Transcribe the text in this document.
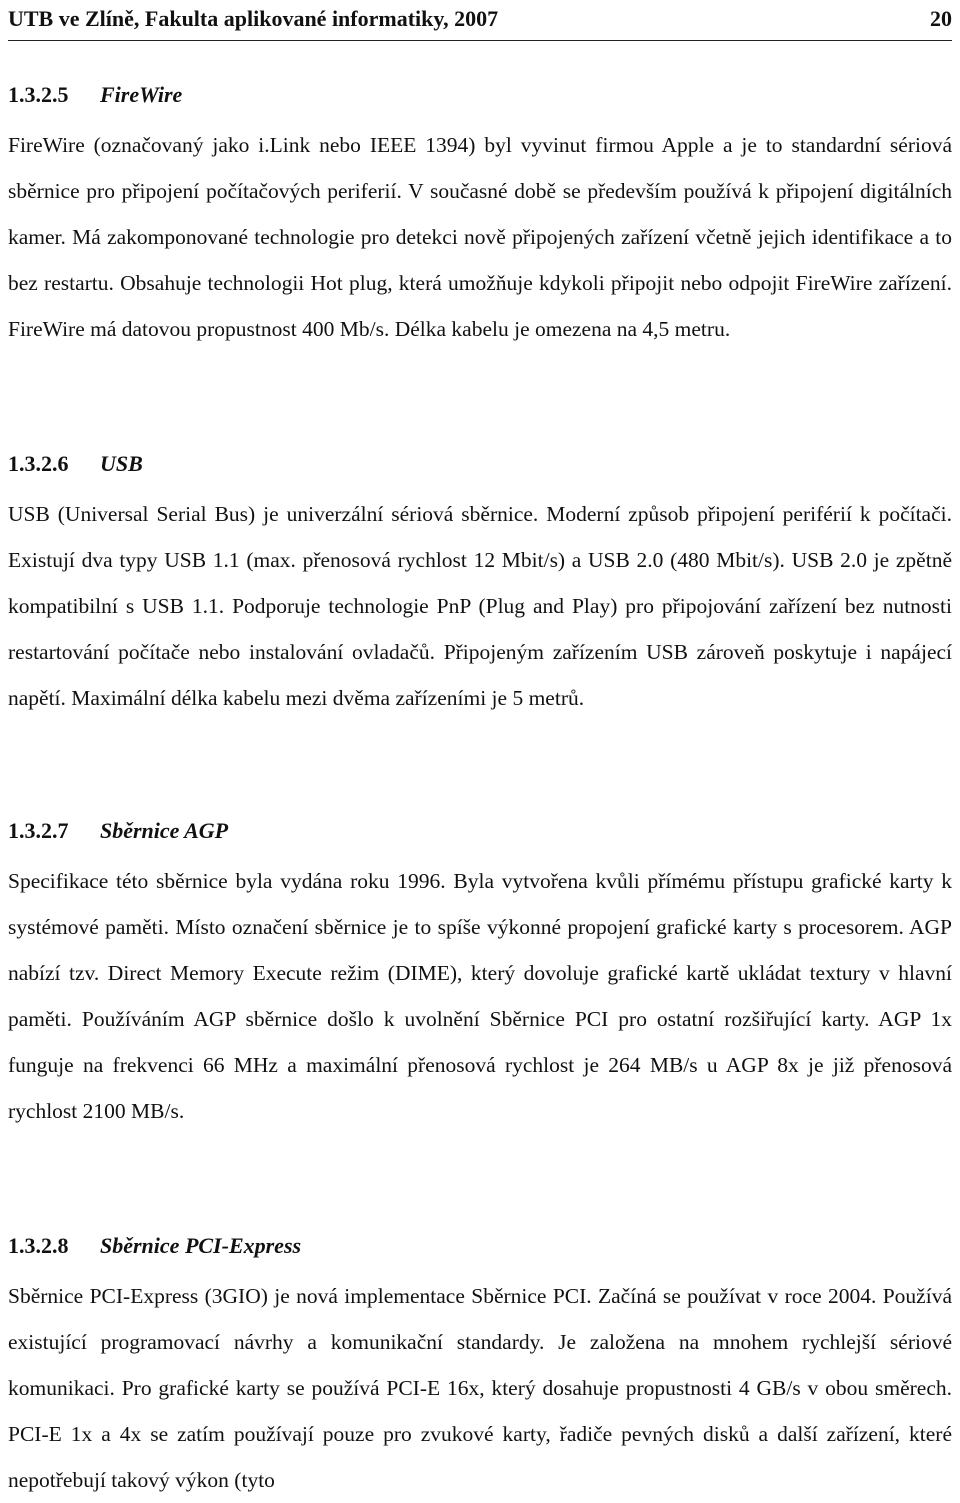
UTB ve Zlíně, Fakulta aplikované informatiky, 2007	20
1.3.2.5 FireWire
FireWire (označovaný jako i.Link nebo IEEE 1394) byl vyvinut firmou Apple a je to standardní sériová sběrnice pro připojení počítačových periferií. V současné době se především používá k připojení digitálních kamer. Má zakomponované technologie pro detekci nově připojených zařízení včetně jejich identifikace a to bez restartu. Obsahuje technologii Hot plug, která umožňuje kdykoli připojit nebo odpojit FireWire zařízení. FireWire má datovou propustnost 400 Mb/s. Délka kabelu je omezena na 4,5 metru.
1.3.2.6 USB
USB (Universal Serial Bus) je univerzální sériová sběrnice. Moderní způsob připojení periférií k počítači. Existují dva typy USB 1.1 (max. přenosová rychlost 12 Mbit/s) a USB 2.0 (480 Mbit/s). USB 2.0 je zpětně kompatibilní s USB 1.1. Podporuje technologie PnP (Plug and Play) pro připojování zařízení bez nutnosti restartování počítače nebo instalování ovladačů. Připojeným zařízením USB zároveň poskytuje i napájecí napětí. Maximální délka kabelu mezi dvěma zařízeními je 5 metrů.
1.3.2.7 Sběrnice AGP
Specifikace této sběrnice byla vydána roku 1996. Byla vytvořena kvůli přímému přístupu grafické karty k systémové paměti. Místo označení sběrnice je to spíše výkonné propojení grafické karty s procesorem. AGP nabízí tzv. Direct Memory Execute režim (DIME), který dovoluje grafické kartě ukládat textury v hlavní paměti. Používáním AGP sběrnice došlo k uvolnění Sběrnice PCI pro ostatní rozšiřující karty. AGP 1x funguje na frekvenci 66 MHz a maximální přenosová rychlost je 264 MB/s u AGP 8x je již přenosová rychlost 2100 MB/s.
1.3.2.8 Sběrnice PCI-Express
Sběrnice PCI-Express (3GIO) je nová implementace Sběrnice PCI. Začíná se používat v roce 2004. Používá existující programovací návrhy a komunikační standardy. Je založena na mnohem rychlejší sériové komunikaci. Pro grafické karty se používá PCI-E 16x, který dosahuje propustnosti 4 GB/s v obou směrech. PCI-E 1x a 4x se zatím používají pouze pro zvukové karty, řadiče pevných disků a další zařízení, které nepotřebují takový výkon (tyto
